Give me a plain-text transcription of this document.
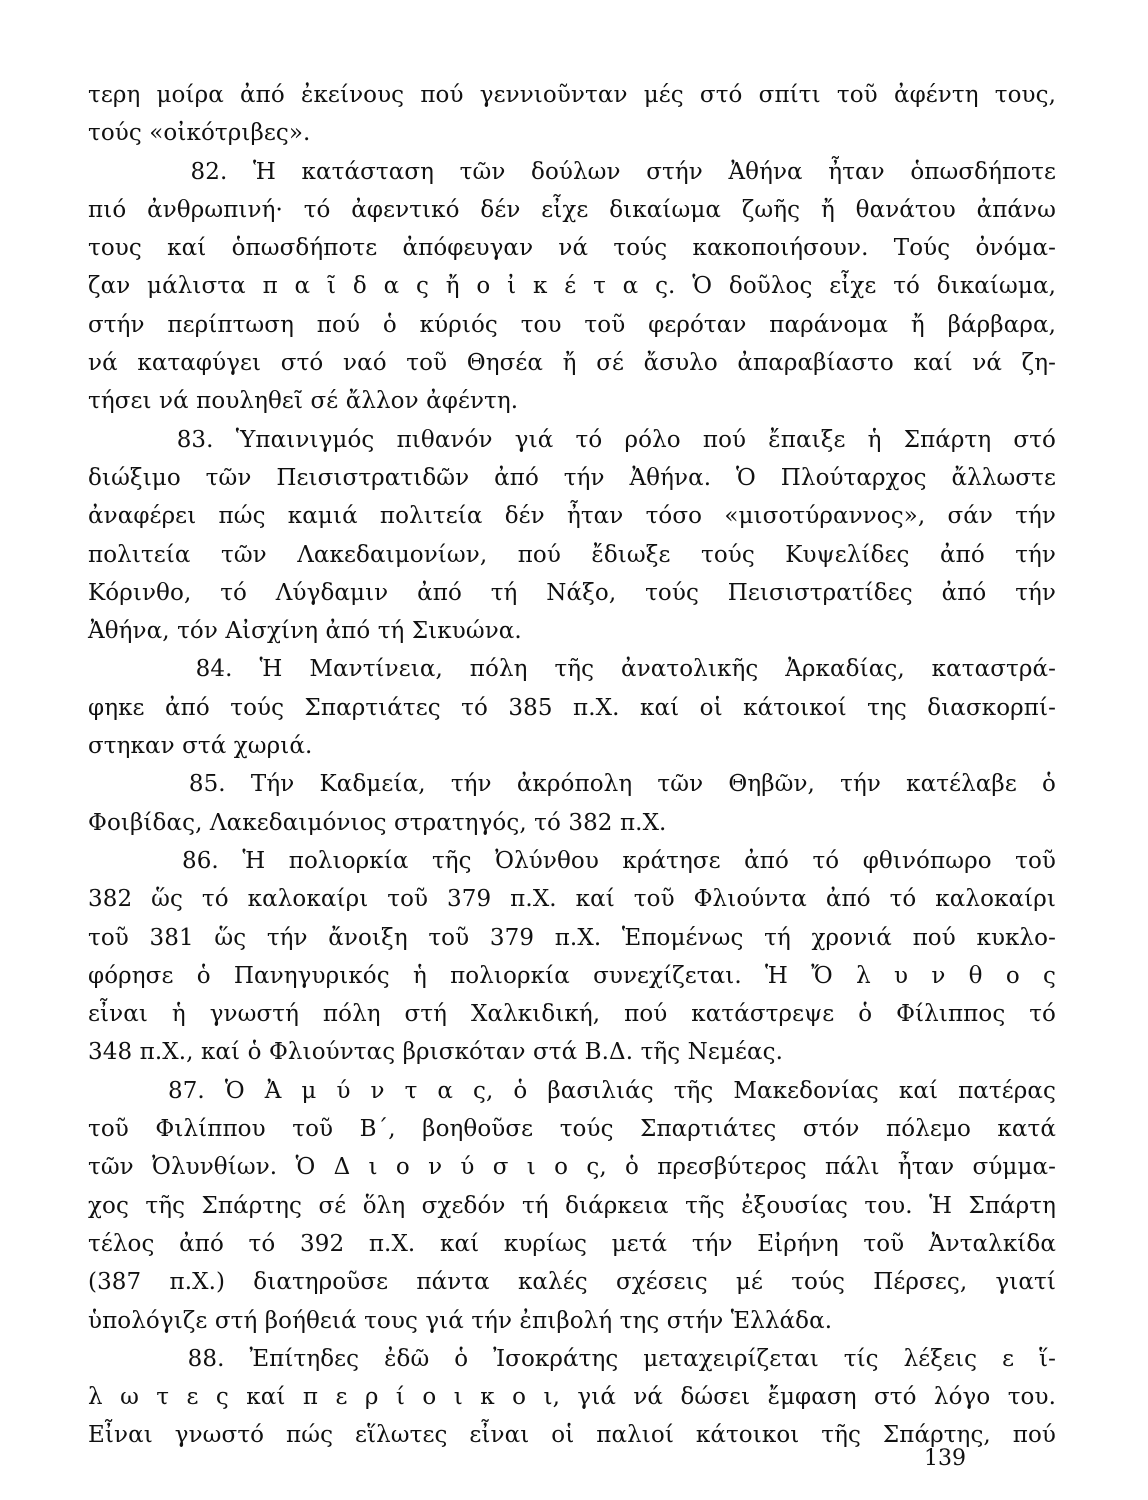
τερη μοίρα ἀπό ἐκείνους πού γεννιοῦνταν μές στό σπίτι τοῦ ἀφέντη τους,
τούς «οἰκότριβες».
82. Ἡ κατάσταση τῶν δούλων στήν Ἀθήνα ἦταν ὁπωσδήποτε
πιό ἀνθρωπινή· τό ἀφεντικό δέν εἶχε δικαίωμα ζωῆς ἤ θανάτου ἀπάνω
τους καί ὁπωσδήποτε ἀπόφευγαν νά τούς κακοποιήσουν. Τούς ὀνόμα-
ζαν μάλιστα π α ῖ δ α ς ἤ ο ἰ κ έ τ α ς. Ὁ δοῦλος εἶχε τό δικαίωμα,
στήν περίπτωση πού ὁ κύριός του τοῦ φερόταν παράνομα ἤ βάρβαρα,
νά καταφύγει στό ναό τοῦ Θησέα ἤ σέ ἄσυλο ἀπαραβίαστο καί νά ζη-
τήσει νά πουληθεῖ σέ ἄλλον ἀφέντη.
83. Ὑπαινιγμός πιθανόν γιά τό ρόλο πού ἔπαιξε ἡ Σπάρτη στό
διώξιμο τῶν Πεισιστρατιδῶν ἀπό τήν Ἀθήνα. Ὁ Πλούταρχος ἄλλωστε
ἀναφέρει πώς καμιά πολιτεία δέν ἦταν τόσο «μισοτύραννος», σάν τήν
πολιτεία τῶν Λακεδαιμονίων, πού ἔδιωξε τούς Κυψελίδες ἀπό τήν
Κόρινθο, τό Λύγδαμιν ἀπό τή Νάξο, τούς Πεισιστρατίδες ἀπό τήν
Ἀθήνα, τόν Αἰσχίνη ἀπό τή Σικυώνα.
84. Ἡ Μαντίνεια, πόλη τῆς ἀνατολικῆς Ἀρκαδίας, καταστρά-
φηκε ἀπό τούς Σπαρτιάτες τό 385 π.Χ. καί οἱ κάτοικοί της διασκορπί-
στηκαν στά χωριά.
85. Τήν Καδμεία, τήν ἀκρόπολη τῶν Θηβῶν, τήν κατέλαβε ὁ
Φοιβίδας, Λακεδαιμόνιος στρατηγός, τό 382 π.Χ.
86. Ἡ πολιορκία τῆς Ὀλύνθου κράτησε ἀπό τό φθινόπωρο τοῦ
382 ὥς τό καλοκαίρι τοῦ 379 π.Χ. καί τοῦ Φλιούντα ἀπό τό καλοκαίρι
τοῦ 381 ὥς τήν ἄνοιξη τοῦ 379 π.Χ. Ἑπομένως τή χρονιά πού κυκλο-
φόρησε ὁ Πανηγυρικός ἡ πολιορκία συνεχίζεται. Ἡ Ὄ λ υ ν θ ο ς
εἶναι ἡ γνωστή πόλη στή Χαλκιδική, πού κατάστρεψε ὁ Φίλιππος τό
348 π.Χ., καί ὁ Φλιούντας βρισκόταν στά Β.Δ. τῆς Νεμέας.
87. Ὁ Ἀ μ ύ ν τ α ς, ὁ βασιλιάς τῆς Μακεδονίας καί πατέρας
τοῦ Φιλίππου τοῦ Β΄, βοηθοῦσε τούς Σπαρτιάτες στόν πόλεμο κατά
τῶν Ὀλυνθίων. Ὁ Δ ι ο ν ύ σ ι ο ς, ὁ πρεσβύτερος πάλι ἦταν σύμμα-
χος τῆς Σπάρτης σέ ὅλη σχεδόν τή διάρκεια τῆς ἐξουσίας του. Ἡ Σπάρτη
τέλος ἀπό τό 392 π.Χ. καί κυρίως μετά τήν Εἰρήνη τοῦ Ἀνταλκίδα
(387 π.Χ.) διατηροῦσε πάντα καλές σχέσεις μέ τούς Πέρσες, γιατί
ὑπολόγιζε στή βοήθειά τους γιά τήν ἐπιβολή της στήν Ἑλλάδα.
88. Ἐπίτηδες ἐδῶ ὁ Ἰσοκράτης μεταχειρίζεται τίς λέξεις ε ἵ-
λ ω τ ε ς καί π ε ρ ί ο ι κ ο ι, γιά νά δώσει ἔμφαση στό λόγο του.
Εἶναι γνωστό πώς εἵλωτες εἶναι οἱ παλιοί κάτοικοι τῆς Σπάρτης, πού
139
